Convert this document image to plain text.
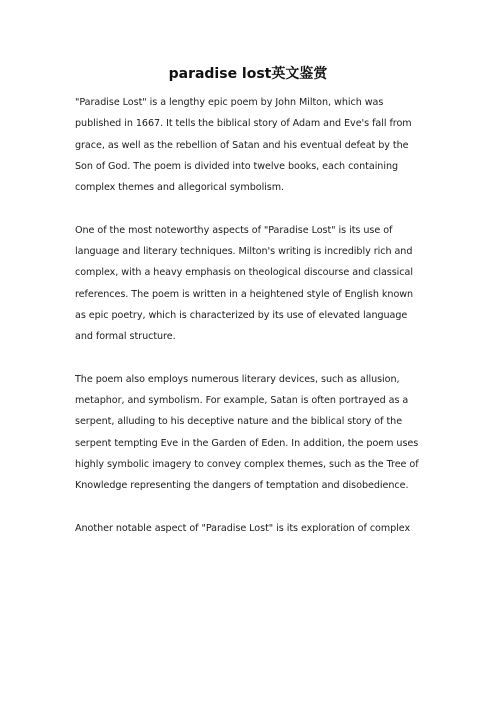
paradise lost英文鉴赏

"Paradise Lost" is a lengthy epic poem by John Milton, which was published in 1667. It tells the biblical story of Adam and Eve's fall from grace, as well as the rebellion of Satan and his eventual defeat by the Son of God. The poem is divided into twelve books, each containing complex themes and allegorical symbolism.

One of the most noteworthy aspects of "Paradise Lost" is its use of language and literary techniques. Milton's writing is incredibly rich and complex, with a heavy emphasis on theological discourse and classical references. The poem is written in a heightened style of English known as epic poetry, which is characterized by its use of elevated language and formal structure.

The poem also employs numerous literary devices, such as allusion, metaphor, and symbolism. For example, Satan is often portrayed as a serpent, alluding to his deceptive nature and the biblical story of the serpent tempting Eve in the Garden of Eden. In addition, the poem uses highly symbolic imagery to convey complex themes, such as the Tree of Knowledge representing the dangers of temptation and disobedience.

Another notable aspect of "Paradise Lost" is its exploration of complex
